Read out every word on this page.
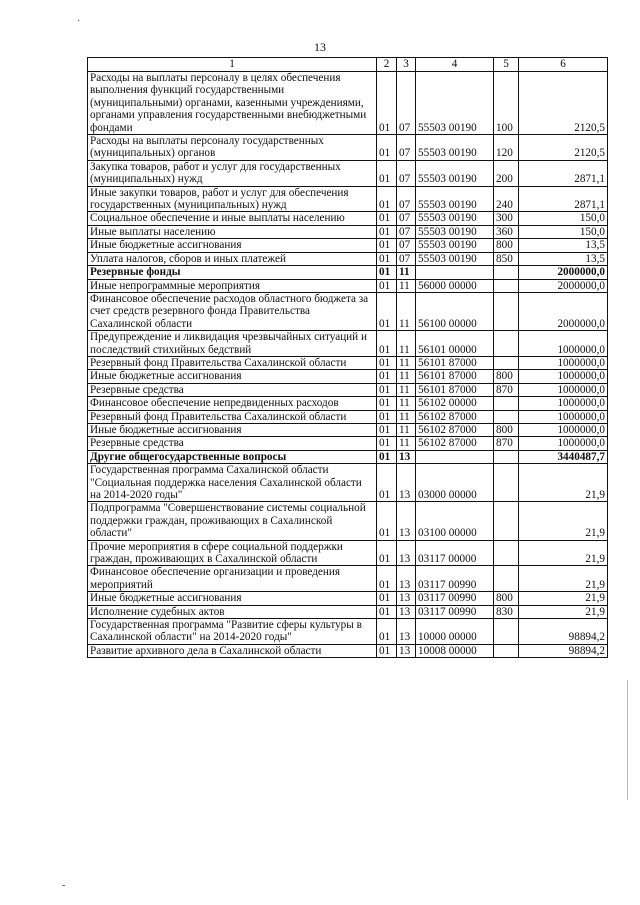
13
·
-
1	2	3	4	5	6
Расходы на выплаты персоналу в целях обеспечения выполнения функций государственными (муниципальными) органами, казенными учреждениями, органами управления государственными внебюджетными фондами	01	07	55503 00190	100	2120,5
Расходы на выплаты персоналу государственных (муниципальных) органов	01	07	55503 00190	120	2120,5
Закупка товаров, работ и услуг для государственных (муниципальных) нужд	01	07	55503 00190	200	2871,1
Иные закупки товаров, работ и услуг для обеспечения государственных (муниципальных) нужд	01	07	55503 00190	240	2871,1
Социальное обеспечение и иные выплаты населению	01	07	55503 00190	300	150,0
Иные выплаты населению	01	07	55503 00190	360	150,0
Иные бюджетные ассигнования	01	07	55503 00190	800	13,5
Уплата налогов, сборов и иных платежей	01	07	55503 00190	850	13,5
Резервные фонды	01	11			2000000,0
Иные непрограммные мероприятия	01	11	56000 00000		2000000,0
Финансовое обеспечение расходов областного бюджета за счет средств резервного фонда Правительства Сахалинской области	01	11	56100 00000		2000000,0
Предупреждение и ликвидация чрезвычайных ситуаций и последствий стихийных бедствий	01	11	56101 00000		1000000,0
Резервный фонд Правительства Сахалинской области	01	11	56101 87000		1000000,0
Иные бюджетные ассигнования	01	11	56101 87000	800	1000000,0
Резервные средства	01	11	56101 87000	870	1000000,0
Финансовое обеспечение непредвиденных расходов	01	11	56102 00000		1000000,0
Резервный фонд Правительства Сахалинской области	01	11	56102 87000		1000000,0
Иные бюджетные ассигнования	01	11	56102 87000	800	1000000,0
Резервные средства	01	11	56102 87000	870	1000000,0
Другие общегосударственные вопросы	01	13			3440487,7
Государственная программа Сахалинской области "Социальная поддержка населения Сахалинской области на 2014-2020 годы"	01	13	03000 00000		21,9
Подпрограмма "Совершенствование системы социальной поддержки граждан, проживающих в Сахалинской области"	01	13	03100 00000		21,9
Прочие мероприятия в сфере социальной поддержки граждан, проживающих в Сахалинской области	01	13	03117 00000		21,9
Финансовое обеспечение организации и проведения мероприятий	01	13	03117 00990		21,9
Иные бюджетные ассигнования	01	13	03117 00990	800	21,9
Исполнение судебных актов	01	13	03117 00990	830	21,9
Государственная программа "Развитие сферы культуры в Сахалинской области" на 2014-2020 годы"	01	13	10000 00000		98894,2
Развитие архивного дела в Сахалинской области	01	13	10008 00000		98894,2
